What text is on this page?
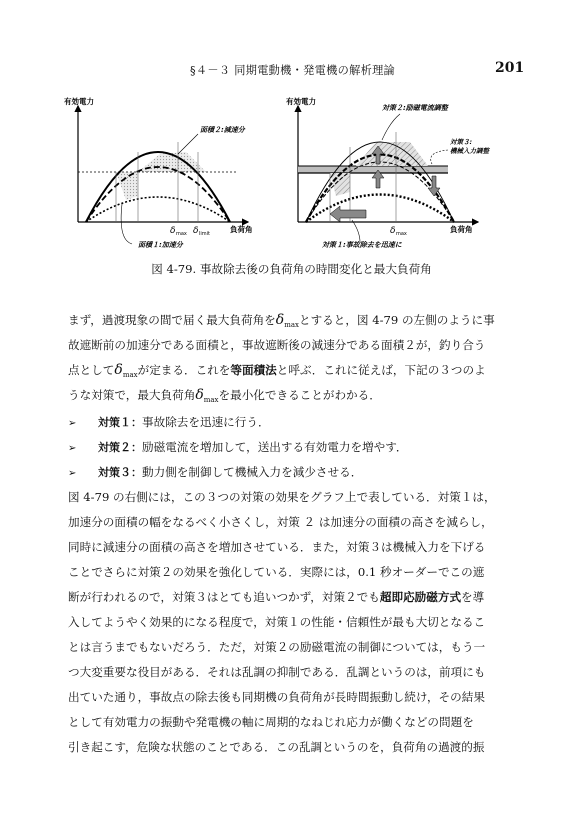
§４－３ 同期電動機・発電機の解析理論	201
有効電力
負荷角
面積２:減速分
面積１:加速分
δ max δ limit
有効電力
負荷角
対策２:励磁電流調整
対策３:
機械入力調整
対策１:事故除去を迅速に
δ max
図 4-79. 事故除去後の負荷角の時間変化と最大負荷角
まず，過渡現象の間で届く最大負荷角を$\delta_{max}$とすると，図 4-79 の左側のように事
故遮断前の加速分である面積と，事故遮断後の減速分である面積２が，釣り合う
点として$\delta_{max}$が定まる．これを等面積法と呼ぶ．これに従えば，下記の３つのよ
うな対策で，最大負荷角$\delta_{max}$を最小化できることがわかる．
➢ 対策１：事故除去を迅速に行う．
➢ 対策２：励磁電流を増加して，送出する有効電力を増やす．
➢ 対策３：動力側を制御して機械入力を減少させる．
図 4-79 の右側には，この３つの対策の効果をグラフ上で表している．対策１は，
加速分の面積の幅をなるべく小さくし，対策 ２ は加速分の面積の高さを減らし，
同時に減速分の面積の高さを増加させている．また，対策３は機械入力を下げる
ことでさらに対策２の効果を強化している．実際には，0.1 秒オーダーでこの遮
断が行われるので，対策３はとても追いつかず，対策２でも超即応励磁方式を導
入してようやく効果的になる程度で，対策１の性能・信頼性が最も大切となるこ
とは言うまでもないだろう．ただ，対策２の励磁電流の制御については，もう一
つ大変重要な役目がある．それは乱調の抑制である．乱調というのは，前項にも
出ていた通り，事故点の除去後も同期機の負荷角が長時間振動し続け，その結果
として有効電力の振動や発電機の軸に周期的なねじれ応力が働くなどの問題を
引き起こす，危険な状態のことである．この乱調というのを，負荷角の過渡的振
